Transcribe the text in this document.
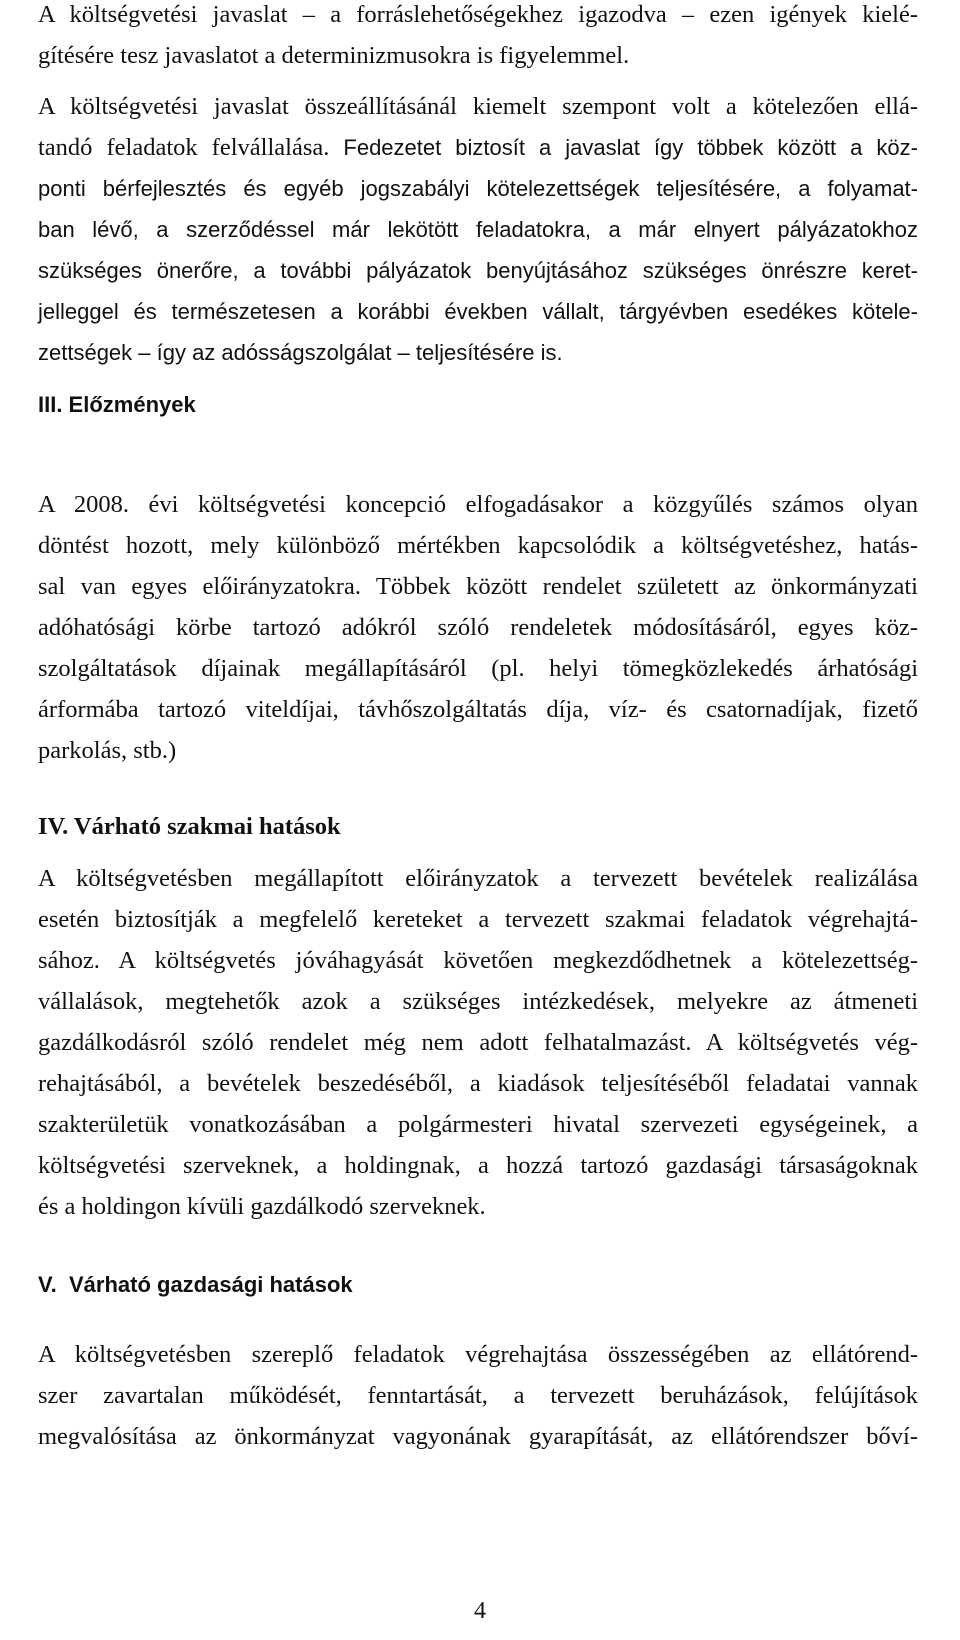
A költségvetési javaslat – a forráslehetőségekhez igazodva – ezen igények kielé-
gítésére tesz javaslatot a determinizmusokra is figyelemmel.
A költségvetési javaslat összeállításánál kiemelt szempont volt a kötelezően ellá-
tandó feladatok felvállalása. Fedezetet biztosít a javaslat így többek között a köz-
ponti bérfejlesztés és egyéb jogszabályi kötelezettségek teljesítésére, a folyamat-
ban lévő, a szerződéssel már lekötött feladatokra, a már elnyert pályázatokhoz
szükséges önerőre, a további pályázatok benyújtásához szükséges önrészre keret-
jelleggel és természetesen a korábbi években vállalt, tárgyévben esedékes kötele-
zettségek – így az adósságszolgálat – teljesítésére is.
III. Előzmények
A 2008. évi költségvetési koncepció elfogadásakor a közgyűlés számos olyan
döntést hozott, mely különböző mértékben kapcsolódik a költségvetéshez, hatás-
sal van egyes előirányzatokra. Többek között rendelet született az önkormányzati
adóhatósági körbe tartozó adókról szóló rendeletek módosításáról, egyes köz-
szolgáltatások díjainak megállapításáról (pl. helyi tömegközlekedés árhatósági
árformába tartozó viteldíjai, távhőszolgáltatás díja, víz- és csatornadíjak, fizető
parkolás, stb.)
IV. Várható szakmai hatások
A költségvetésben megállapított előirányzatok a tervezett bevételek realizálása
esetén biztosítják a megfelelő kereteket a tervezett szakmai feladatok végrehajtá-
sához. A költségvetés jóváhagyását követően megkezdődhetnek a kötelezettség-
vállalások, megtehetők azok a szükséges intézkedések, melyekre az átmeneti
gazdálkodásról szóló rendelet még nem adott felhatalmazást. A költségvetés vég-
rehajtásából, a bevételek beszedéséből, a kiadások teljesítéséből feladatai vannak
szakterületük vonatkozásában a polgármesteri hivatal szervezeti egységeinek, a
költségvetési szerveknek, a holdingnak, a hozzá tartozó gazdasági társaságoknak
és a holdingon kívüli gazdálkodó szerveknek.
V.  Várható gazdasági hatások
A költségvetésben szereplő feladatok végrehajtása összességében az ellátórend-
szer zavartalan működését, fenntartását, a tervezett beruházások, felújítások
megvalósítása az önkormányzat vagyonának gyarapítását, az ellátórendszer bőví-
4
